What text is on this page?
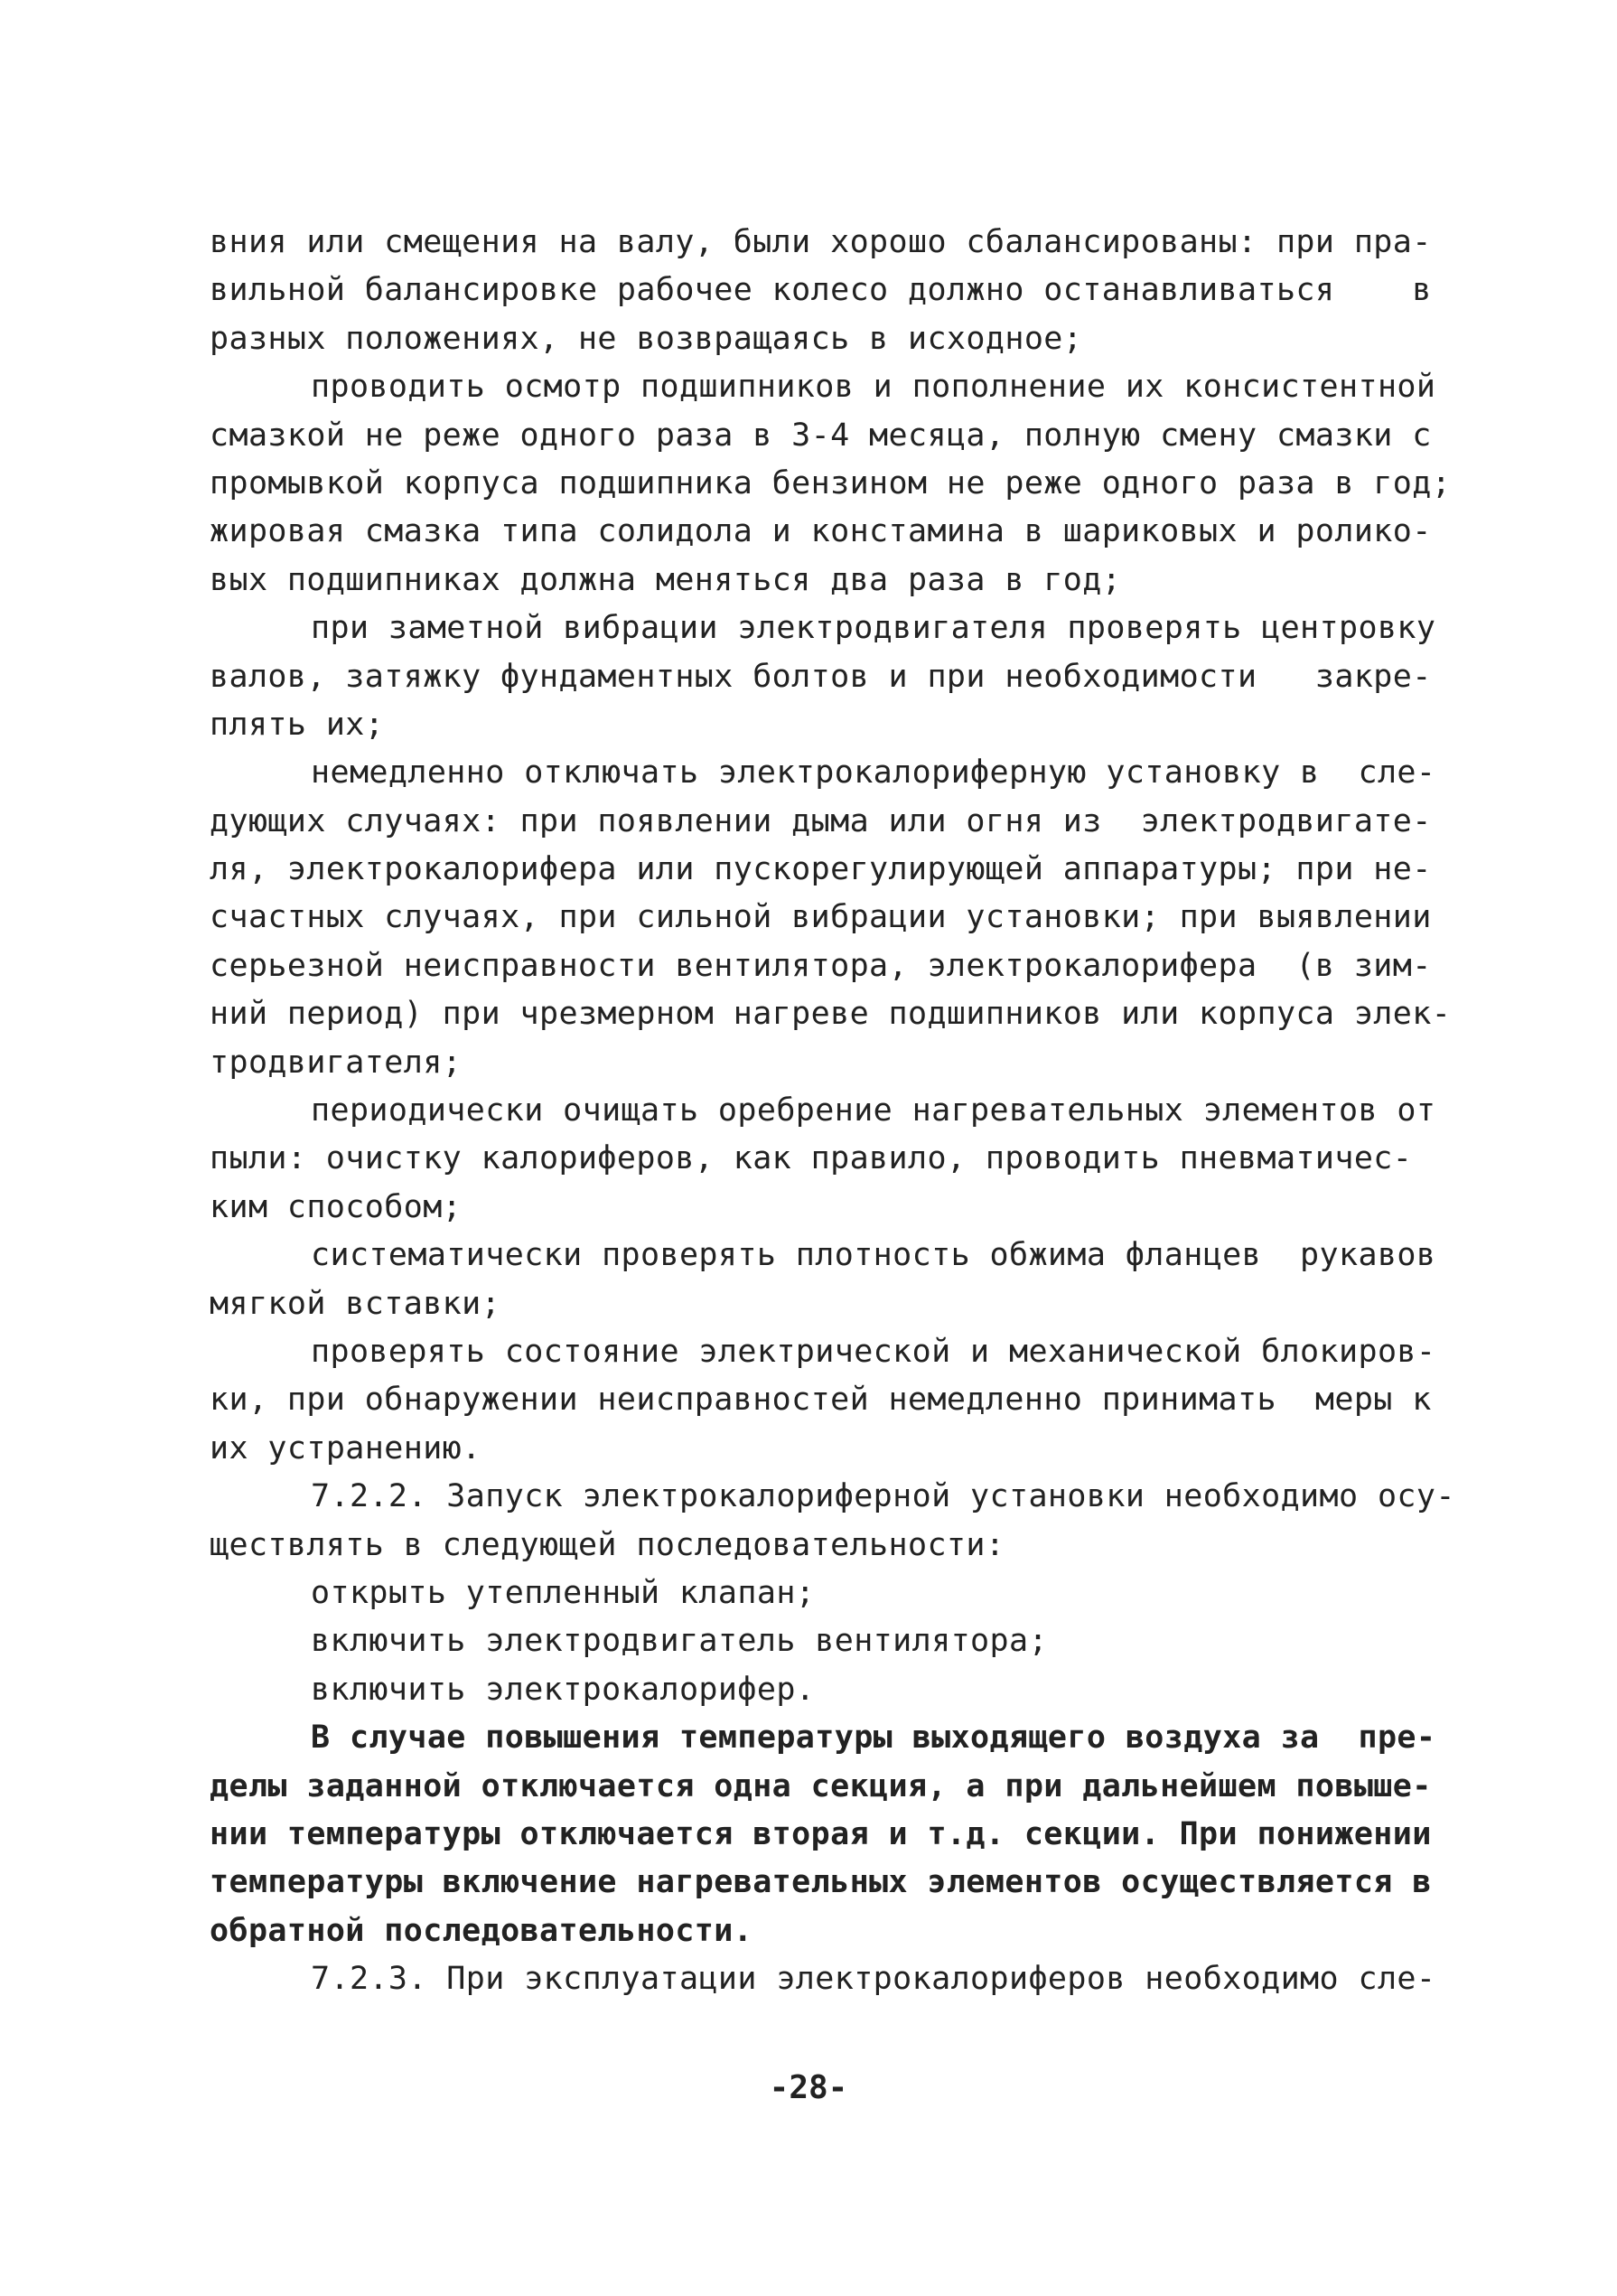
вния или смещения на валу, были хорошо сбалансированы: при пра-
вильной балансировке рабочее колесо должно останавливаться    в
разных положениях, не возвращаясь в исходное;
проводить осмотр подшипников и пополнение их консистентной
смазкой не реже одного раза в 3-4 месяца, полную смену смазки с
промывкой корпуса подшипника бензином не реже одного раза в год;
жировая смазка типа солидола и констамина в шариковых и ролико-
вых подшипниках должна меняться два раза в год;
при заметной вибрации электродвигателя проверять центровку
валов, затяжку фундаментных болтов и при необходимости   закре-
плять их;
немедленно отключать электрокалориферную установку в  сле-
дующих случаях: при появлении дыма или огня из  электродвигате-
ля, электрокалорифера или пускорегулирующей аппаратуры; при не-
счастных случаях, при сильной вибрации установки; при выявлении
серьезной неисправности вентилятора, электрокалорифера  (в зим-
ний период) при чрезмерном нагреве подшипников или корпуса элек-
тродвигателя;
периодически очищать оребрение нагревательных элементов от
пыли: очистку калориферов, как правило, проводить пневматичес-
ким способом;
систематически проверять плотность обжима фланцев  рукавов
мягкой вставки;
проверять состояние электрической и механической блокиров-
ки, при обнаружении неисправностей немедленно принимать  меры к
их устранению.
7.2.2. Запуск электрокалориферной установки необходимо осу-
ществлять в следующей последовательности:
открыть утепленный клапан;
включить электродвигатель вентилятора;
включить электрокалорифер.
В случае повышения температуры выходящего воздуха за  пре-
делы заданной отключается одна секция, а при дальнейшем повыше-
нии температуры отключается вторая и т.д. секции. При понижении
температуры включение нагревательных элементов осуществляется в
обратной последовательности.
7.2.3. При эксплуатации электрокалориферов необходимо сле-
-28-
